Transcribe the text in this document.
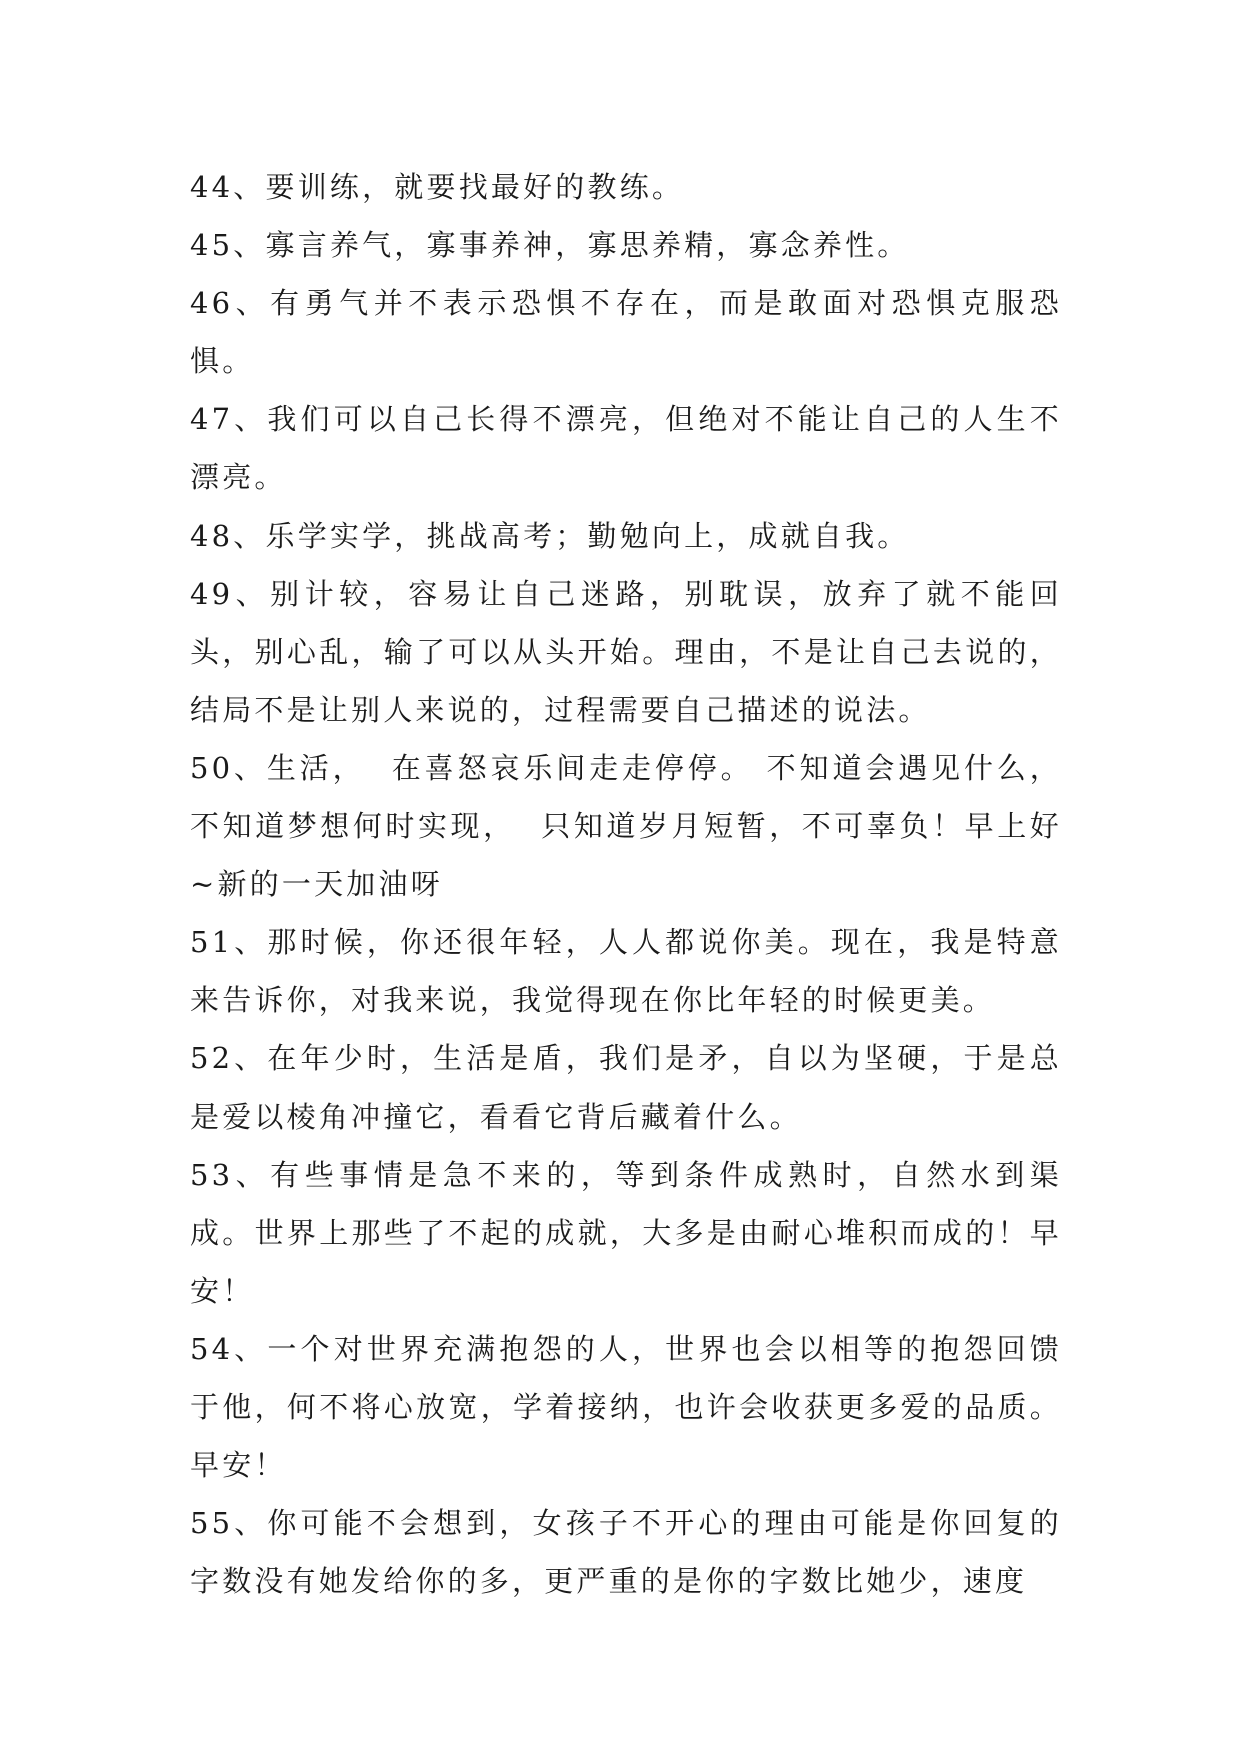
44、要训练，就要找最好的教练。

45、寡言养气，寡事养神，寡思养精，寡念养性。

46、有勇气并不表示恐惧不存在，而是敢面对恐惧克服恐惧。

47、我们可以自己长得不漂亮，但绝对不能让自己的人生不漂亮。

48、乐学实学，挑战高考；勤勉向上，成就自我。

49、别计较，容易让自己迷路，别耽误，放弃了就不能回头，别心乱，输了可以从头开始。理由，不是让自己去说的，结局不是让别人来说的，过程需要自己描述的说法。

50、生活，  在喜怒哀乐间走走停停。 不知道会遇见什么，不知道梦想何时实现，  只知道岁月短暂，不可辜负！早上好~新的一天加油呀

51、那时候，你还很年轻，人人都说你美。现在，我是特意来告诉你，对我来说，我觉得现在你比年轻的时候更美。

52、在年少时，生活是盾，我们是矛，自以为坚硬，于是总是爱以棱角冲撞它，看看它背后藏着什么。

53、有些事情是急不来的，等到条件成熟时，自然水到渠成。世界上那些了不起的成就，大多是由耐心堆积而成的！早安！

54、一个对世界充满抱怨的人，世界也会以相等的抱怨回馈于他，何不将心放宽，学着接纳，也许会收获更多爱的品质。早安！

55、你可能不会想到，女孩子不开心的理由可能是你回复的字数没有她发给你的多，更严重的是你的字数比她少，速度
